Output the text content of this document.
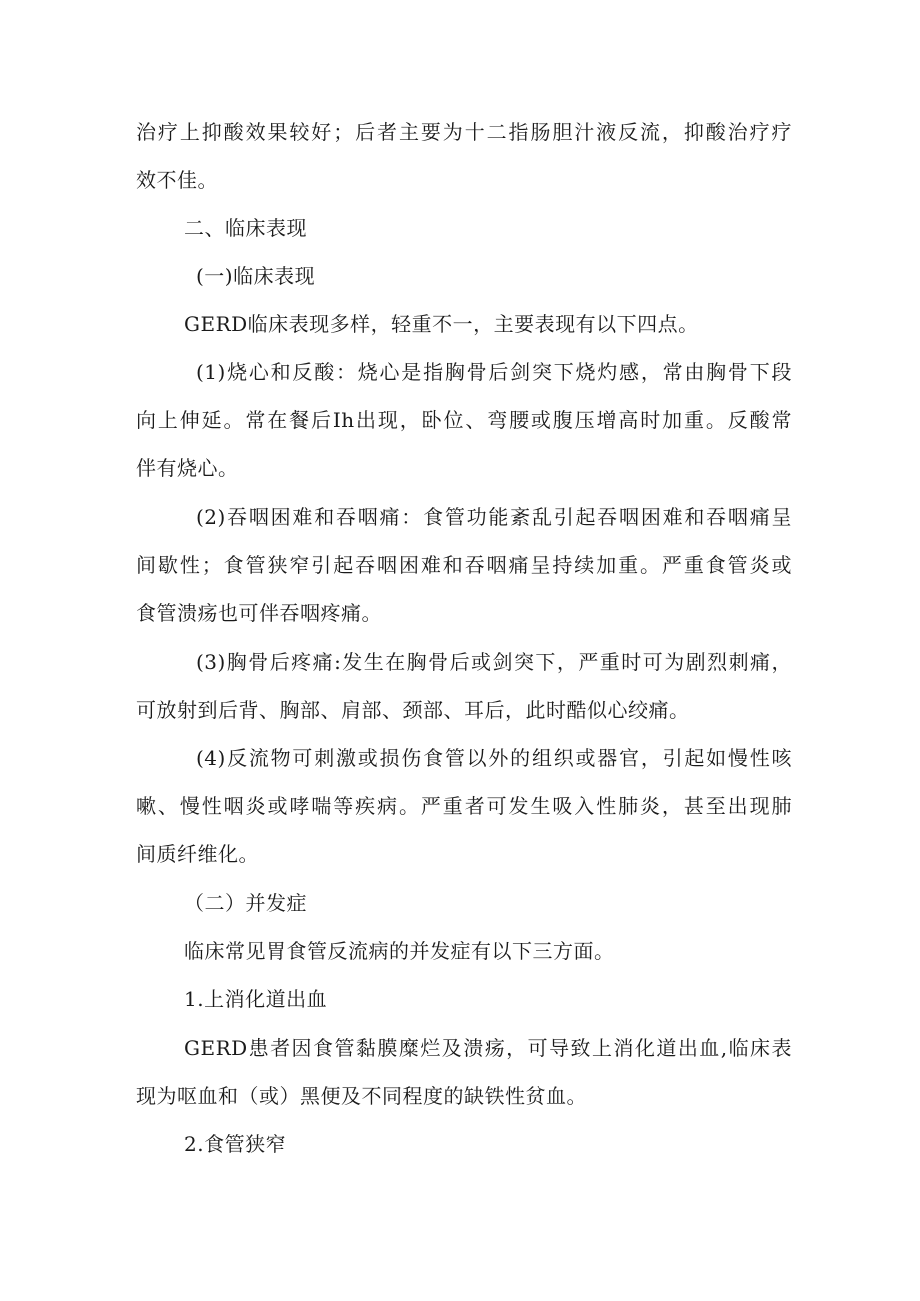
治疗上抑酸效果较好；后者主要为十二指肠胆汁液反流，抑酸治疗疗
效不佳。
二、临床表现
(一)临床表现
GERD临床表现多样，轻重不一，主要表现有以下四点。
(1)烧心和反酸：烧心是指胸骨后剑突下烧灼感，常由胸骨下段
向上伸延。常在餐后Ih出现，卧位、弯腰或腹压增高时加重。反酸常
伴有烧心。
(2)吞咽困难和吞咽痛：食管功能紊乱引起吞咽困难和吞咽痛呈
间歇性；食管狭窄引起吞咽困难和吞咽痛呈持续加重。严重食管炎或
食管溃疡也可伴吞咽疼痛。
(3)胸骨后疼痛:发生在胸骨后或剑突下，严重时可为剧烈刺痛，
可放射到后背、胸部、肩部、颈部、耳后，此时酷似心绞痛。
(4)反流物可刺激或损伤食管以外的组织或器官，引起如慢性咳
嗽、慢性咽炎或哮喘等疾病。严重者可发生吸入性肺炎，甚至出现肺
间质纤维化。
（二）并发症
临床常见胃食管反流病的并发症有以下三方面。
1.上消化道出血
GERD患者因食管黏膜糜烂及溃疡，可导致上消化道出血,临床表
现为呕血和（或）黑便及不同程度的缺铁性贫血。
2.食管狭窄
